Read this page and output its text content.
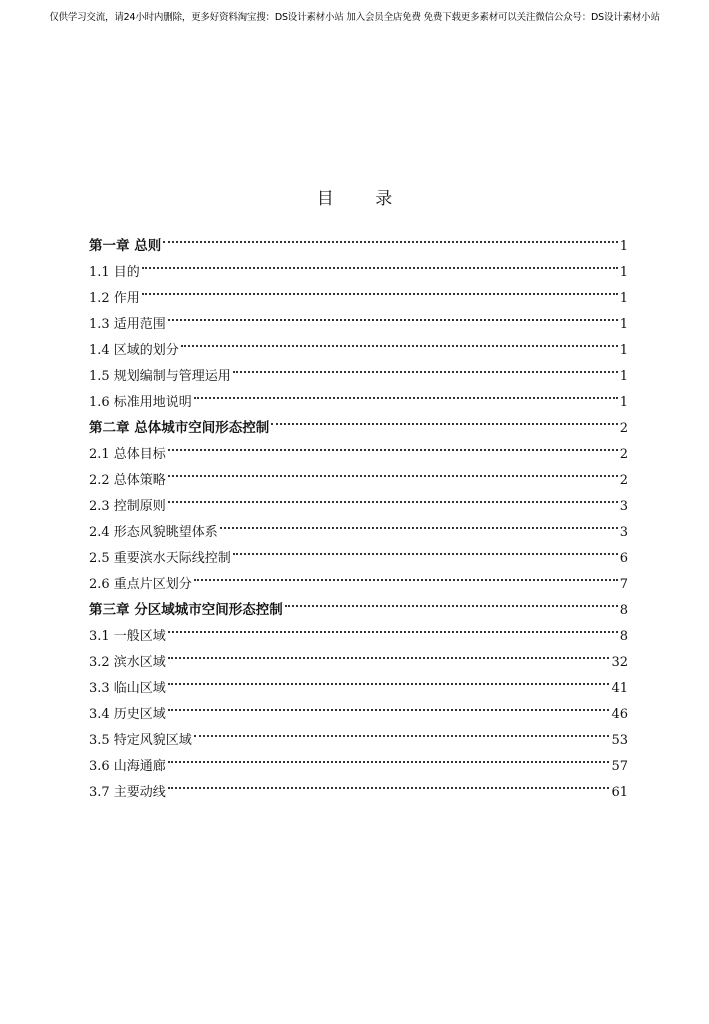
仅供学习交流，请24小时内删除，更多好资料淘宝搜：DS设计素材小站 加入会员全店免费 免费下载更多素材可以关注微信公众号：DS设计素材小站
目 录
第一章 总则	1
1.1 目的	1
1.2 作用	1
1.3 适用范围	1
1.4 区域的划分	1
1.5 规划编制与管理运用	1
1.6 标准用地说明	1
第二章 总体城市空间形态控制	2
2.1 总体目标	2
2.2 总体策略	2
2.3 控制原则	3
2.4 形态风貌眺望体系	3
2.5 重要滨水天际线控制	6
2.6 重点片区划分	7
第三章 分区域城市空间形态控制	8
3.1 一般区域	8
3.2 滨水区域	32
3.3 临山区域	41
3.4 历史区域	46
3.5 特定风貌区域	53
3.6 山海通廊	57
3.7 主要动线	61
